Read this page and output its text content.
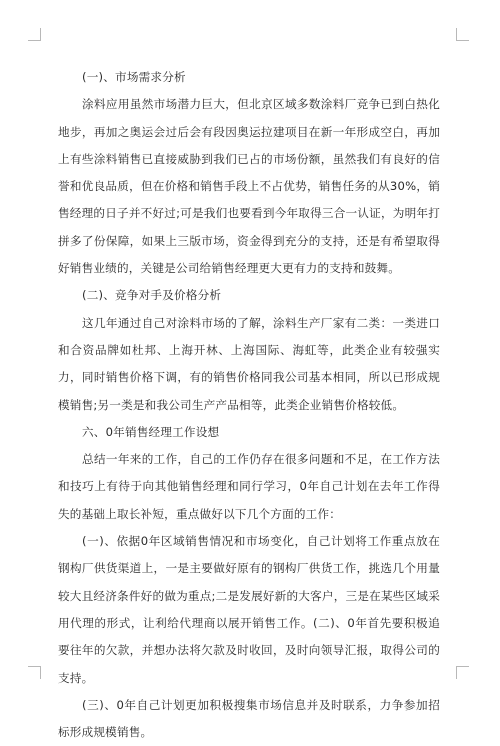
(一)、市场需求分析

涂料应用虽然市场潜力巨大，但北京区域多数涂料厂竞争已到白热化地步，再加之奥运会过后会有段因奥运拉建项目在新一年形成空白，再加上有些涂料销售已直接威胁到我们已占的市场份额，虽然我们有良好的信誉和优良品质，但在价格和销售手段上不占优势，销售任务的从30%，销售经理的日子并不好过;可是我们也要看到今年取得三合一认证，为明年打拼多了份保障，如果上三版市场，资金得到充分的支持，还是有希望取得好销售业绩的，关键是公司给销售经理更大更有力的支持和鼓舞。

(二)、竞争对手及价格分析

这几年通过自己对涂料市场的了解，涂料生产厂家有二类：一类进口和合资品牌如杜邦、上海开林、上海国际、海虹等，此类企业有较强实力，同时销售价格下调，有的销售价格同我公司基本相同，所以已形成规模销售;另一类是和我公司生产产品相等，此类企业销售价格较低。

六、0年销售经理工作设想

总结一年来的工作，自己的工作仍存在很多问题和不足，在工作方法和技巧上有待于向其他销售经理和同行学习，0年自己计划在去年工作得失的基础上取长补短，重点做好以下几个方面的工作：

(一)、依据0年区域销售情况和市场变化，自己计划将工作重点放在钢构厂供货渠道上，一是主要做好原有的钢构厂供货工作，挑选几个用量较大且经济条件好的做为重点;二是发展好新的大客户，三是在某些区域采用代理的形式，让利给代理商以展开销售工作。(二)、0年首先要积极追要往年的欠款，并想办法将欠款及时收回，及时向领导汇报，取得公司的支持。

(三)、0年自己计划更加积极搜集市场信息并及时联系，力争参加招标形成规模销售。
